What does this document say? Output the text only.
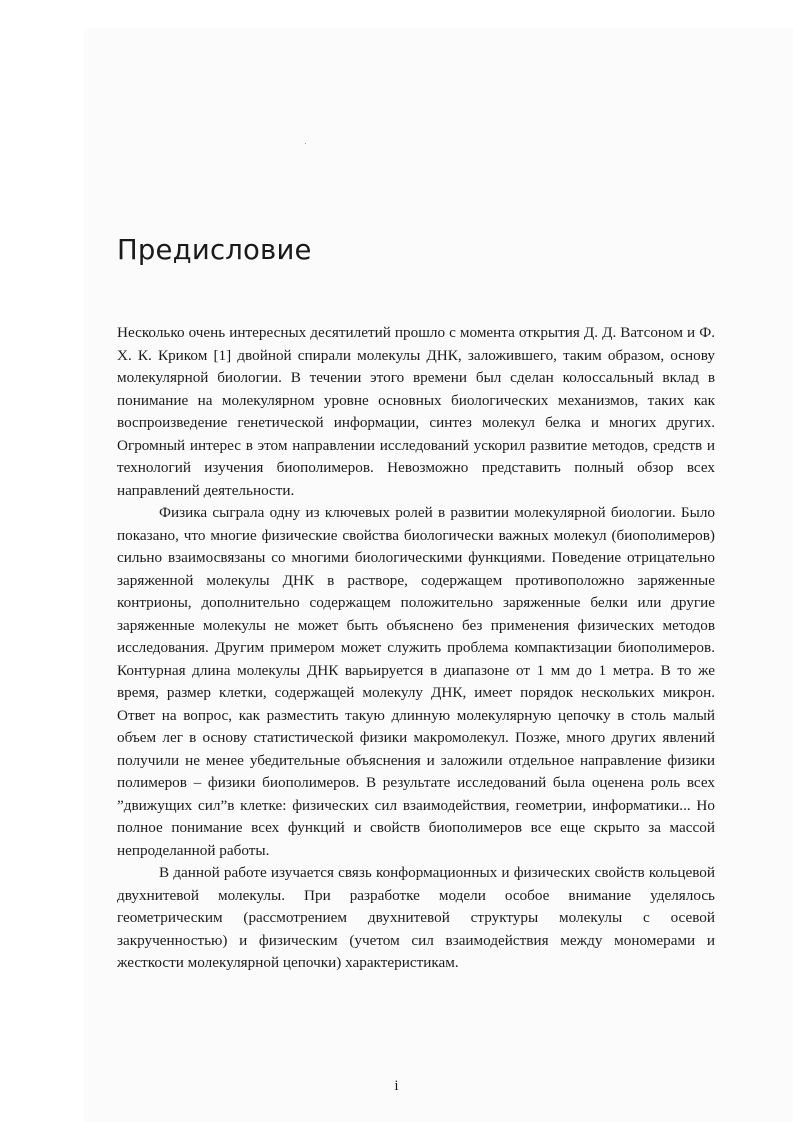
Предисловие

Несколько очень интересных десятилетий прошло с момента открытия Д. Д. Ватсоном и Ф. Х. К. Криком [1] двойной спирали молекулы ДНК, заложившего, таким образом, основу молекулярной биологии. В течении этого времени был сделан колоссальный вклад в понимание на молекулярном уровне основных биологических механизмов, таких как воспроизведение генетической информации, синтез молекул белка и многих других. Огромный интерес в этом направлении исследований ускорил развитие методов, средств и технологий изучения биополимеров. Невозможно представить полный обзор всех направлений деятельности.

Физика сыграла одну из ключевых ролей в развитии молекулярной биологии. Было показано, что многие физические свойства биологически важных молекул (биополимеров) сильно взаимосвязаны со многими биологическими функциями. Поведение отрицательно заряженной молекулы ДНК в растворе, содержащем противоположно заряженные контрионы, дополнительно содержащем положительно заряженные белки или другие заряженные молекулы не может быть объяснено без применения физических методов исследования. Другим примером может служить проблема компактизации биополимеров. Контурная длина молекулы ДНК варьируется в диапазоне от 1 мм до 1 метра. В то же время, размер клетки, содержащей молекулу ДНК, имеет порядок нескольких микрон. Ответ на вопрос, как разместить такую длинную молекулярную цепочку в столь малый объем лег в основу статистической физики макромолекул. Позже, много других явлений получили не менее убедительные объяснения и заложили отдельное направление физики полимеров – физики биополимеров. В результате исследований была оценена роль всех ”движущих сил”в клетке: физических сил взаимодействия, геометрии, информатики... Но полное понимание всех функций и свойств биополимеров все еще скрыто за массой непроделанной работы.

В данной работе изучается связь конформационных и физических свойств кольцевой двухнитевой молекулы. При разработке модели особое внимание уделялось геометрическим (рассмотрением двухнитевой структуры молекулы с осевой закрученностью) и физическим (учетом сил взаимодействия между мономерами и жесткости молекулярной цепочки) характеристикам.

i
